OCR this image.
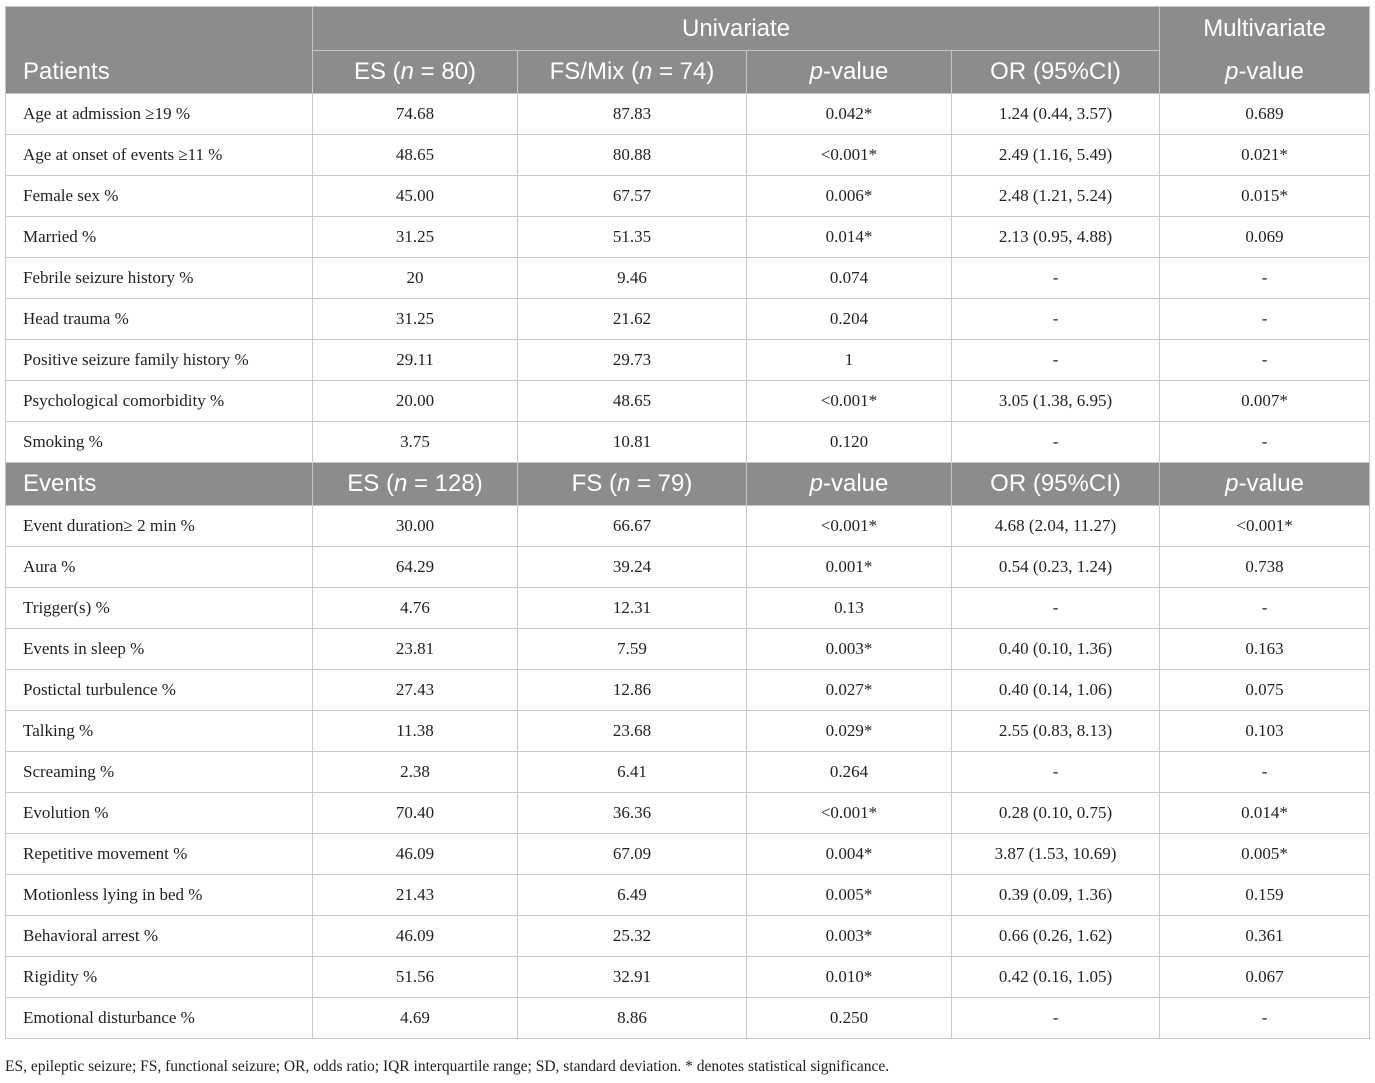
	Univariate				Multivariate
Patients	ES (n = 80)	FS/Mix (n = 74)	p-value	OR (95%CI)	p-value
Age at admission ≥19 %	74.68	87.83	0.042*	1.24 (0.44, 3.57)	0.689
Age at onset of events ≥11 %	48.65	80.88	<0.001*	2.49 (1.16, 5.49)	0.021*
Female sex %	45.00	67.57	0.006*	2.48 (1.21, 5.24)	0.015*
Married %	31.25	51.35	0.014*	2.13 (0.95, 4.88)	0.069
Febrile seizure history %	20	9.46	0.074	-	-
Head trauma %	31.25	21.62	0.204	-	-
Positive seizure family history %	29.11	29.73	1	-	-
Psychological comorbidity %	20.00	48.65	<0.001*	3.05 (1.38, 6.95)	0.007*
Smoking %	3.75	10.81	0.120	-	-
Events	ES (n = 128)	FS (n = 79)	p-value	OR (95%CI)	p-value
Event duration≥ 2 min %	30.00	66.67	<0.001*	4.68 (2.04, 11.27)	<0.001*
Aura %	64.29	39.24	0.001*	0.54 (0.23, 1.24)	0.738
Trigger(s) %	4.76	12.31	0.13	-	-
Events in sleep %	23.81	7.59	0.003*	0.40 (0.10, 1.36)	0.163
Postictal turbulence %	27.43	12.86	0.027*	0.40 (0.14, 1.06)	0.075
Talking %	11.38	23.68	0.029*	2.55 (0.83, 8.13)	0.103
Screaming %	2.38	6.41	0.264	-	-
Evolution %	70.40	36.36	<0.001*	0.28 (0.10, 0.75)	0.014*
Repetitive movement %	46.09	67.09	0.004*	3.87 (1.53, 10.69)	0.005*
Motionless lying in bed %	21.43	6.49	0.005*	0.39 (0.09, 1.36)	0.159
Behavioral arrest %	46.09	25.32	0.003*	0.66 (0.26, 1.62)	0.361
Rigidity %	51.56	32.91	0.010*	0.42 (0.16, 1.05)	0.067
Emotional disturbance %	4.69	8.86	0.250	-	-
ES, epileptic seizure; FS, functional seizure; OR, odds ratio; IQR interquartile range; SD, standard deviation. * denotes statistical significance.
